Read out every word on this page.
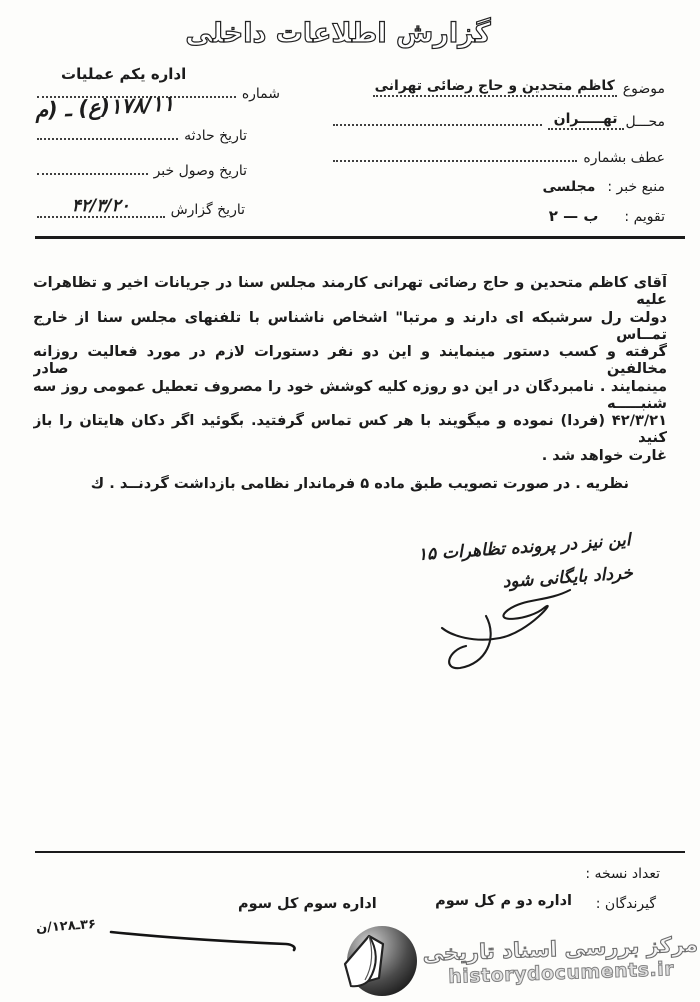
گزارش اطلاعات داخلی
اداره یکم عملیات
شماره
۱۷۸/۱۱(ع) ـ (م
تاریخ حادثه
تاریخ وصول خبر
تاریخ گزارش
۴۲/۳/۲۰
موضوع
کاظم متحدین و حاج رضائی تهرانی
محـــل
تهـــــران
عطف بشماره
منبع خبر :
مجلسی
تقویم :
ب — ۲
آقای کاظم متحدین و حاج رضائی تهرانی کارمند مجلس سنا در جریانات اخیر و تظاهرات علیه
دولت رل سرشبکه ای دارند و مرتبا" اشخاص ناشناس با تلفنهای مجلس سنا از خارج تمــاس
گرفته و کسب دستور مینمایند و این دو نفر دستورات لازم در مورد فعالیت روزانه مخالفین صادر
مینمایند . نامبردگان در این دو روزه کلیه کوشش خود را مصروف تعطیل عمومی روز سه شنبـــــه
۴۲/۳/۲۱ (فردا) نموده و میگویند با هر کس تماس گرفتید. بگوئید اگر دکان هایتان را باز کنید
غارت خواهد شد .
نظریه . در صورت تصویب طبق ماده ۵ فرماندار نظامی بازداشت گردنــد . ك
این نیز در پرونده تظاهرات ۱۵
خرداد بایگانی شود
تعداد نسخه :
گیرندگان :
اداره دو م کل سوم
اداره سوم کل سوم
۳۶ـ۱۲۸/ن
مرکز بررسی اسناد تاریخی
historydocuments.ir
